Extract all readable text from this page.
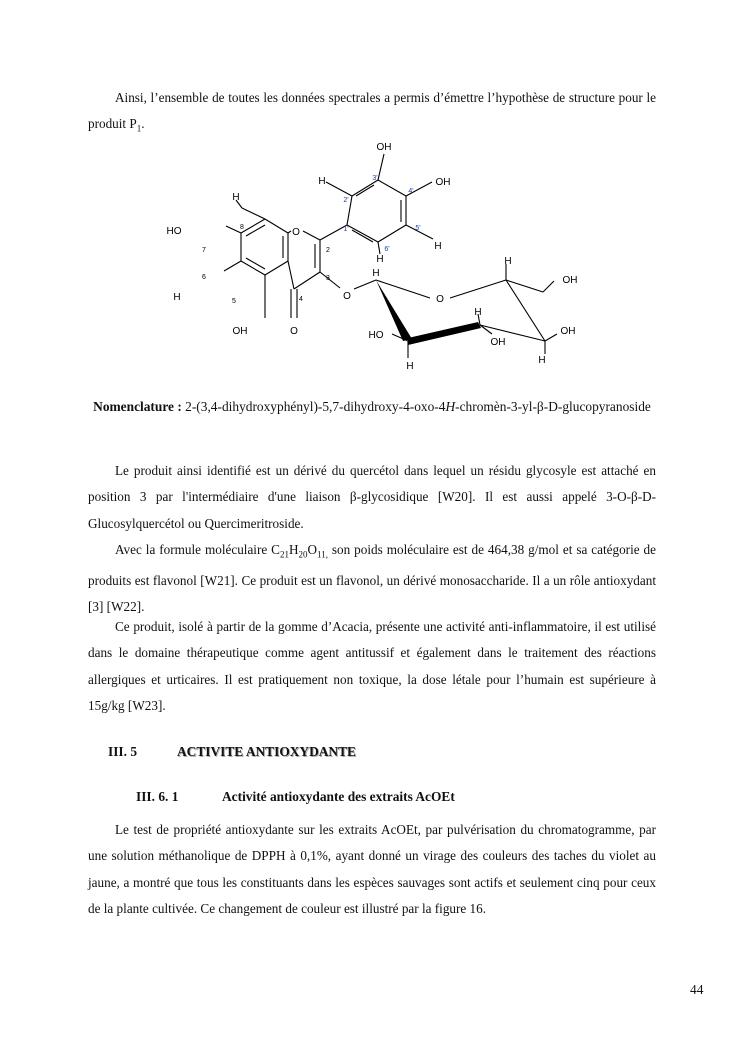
Ainsi, l’ensemble de toutes les données spectrales a permis d’émettre l’hypothèse de structure pour le produit $P_1$.

OH
OH
HO
OH	O
O
O	O
OH
OH
OH
HO
H
H
H
H
H
H
H
H
H
H
8
7
6
5	4
3
2
1'
2'
3'
4'
5'
6'

Nomenclature : 2-(3,4-dihydroxyphényl)-5,7-dihydroxy-4-oxo-4H-chromèn-3-yl-β-D-glucopyranoside

Le produit ainsi identifié est un dérivé du quercétol dans lequel un résidu glycosyle est attaché en position 3 par l'intermédiaire d'une liaison β-glycosidique [W20]. Il est aussi appelé 3-O-β-D-Glucosylquercétol ou Quercimeritroside.

Avec la formule moléculaire $C_{21}H_{20}O_{11,}$ son poids moléculaire est de 464,38 g/mol et sa catégorie de produits est flavonol [W21]. Ce produit est un flavonol, un dérivé monosaccharide. Il a un rôle antioxydant [3] [W22].

Ce produit, isolé à partir de la gomme d’Acacia, présente une activité anti-inflammatoire, il est utilisé dans le domaine thérapeutique comme agent antitussif et également dans le traitement des réactions allergiques et urticaires. Il est pratiquement non toxique, la dose létale pour l’humain est supérieure à 15g/kg [W23].

III. 5	ACTIVITE ANTIOXYDANTE

III. 6. 1	Activité antioxydante des extraits AcOEt

Le test de propriété antioxydante sur les extraits AcOEt, par pulvérisation du chromatogramme, par une solution méthanolique de DPPH à 0,1%, ayant donné un virage des couleurs des taches du violet au jaune, a montré que tous les constituants dans les espèces sauvages sont actifs et seulement cinq pour ceux de la plante cultivée. Ce changement de couleur est illustré par la figure 16.

44
